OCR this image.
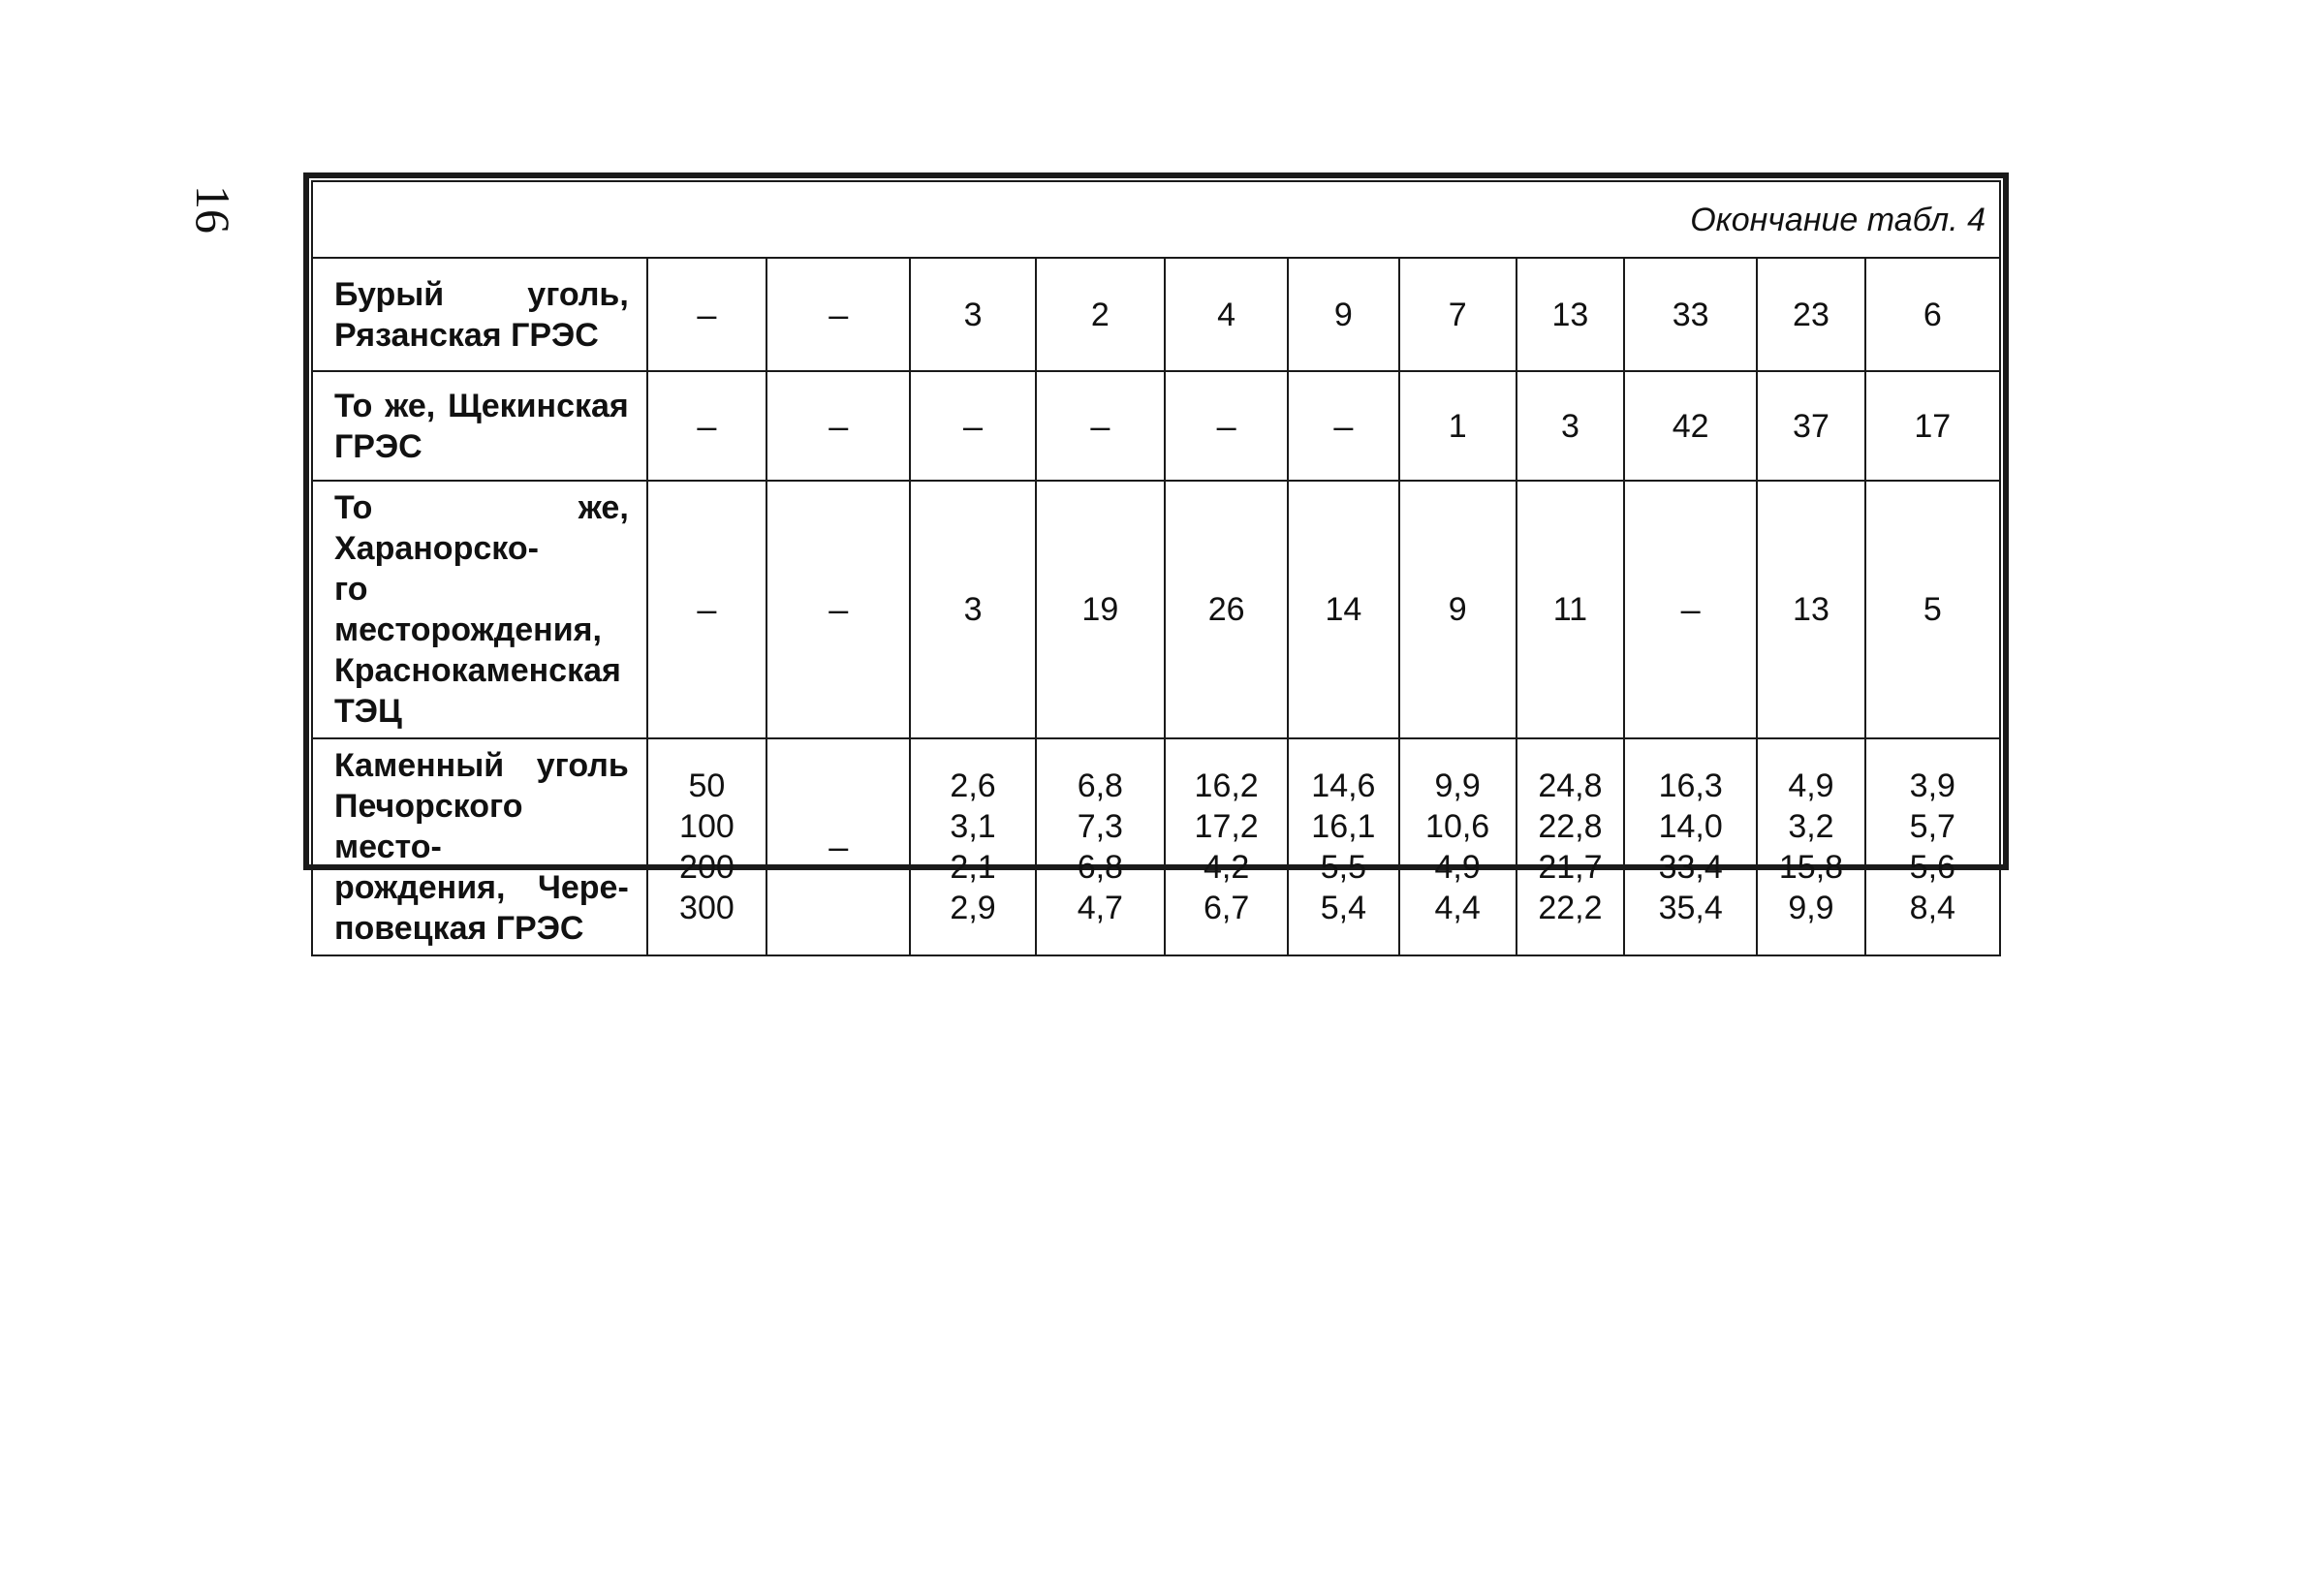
16	Окончание табл. 4											

Бурый уголь,
Рязанская ГРЭС	–	–	3	2	4	9	7	13	33	23	6

То же, Щекинская
ГРЭС	–	–	–	–	–	–	1	3	42	37	17

То же, Харанорско-
го месторождения,
Краснокаменская
ТЭЦ	–	–	3	19	26	14	9	11	–	13	5

Каменный уголь
Печорского место-
рождения, Чере-
повецкая ГРЭС	50
100
200
300	–	2,6
3,1
2,1
2,9	6,8
7,3
6,8
4,7	16,2
17,2
4,2
6,7	14,6
16,1
5,5
5,4	9,9
10,6
4,9
4,4	24,8
22,8
21,7
22,2	16,3
14,0
33,4
35,4	4,9
3,2
15,8
9,9	3,9
5,7
5,6
8,4
